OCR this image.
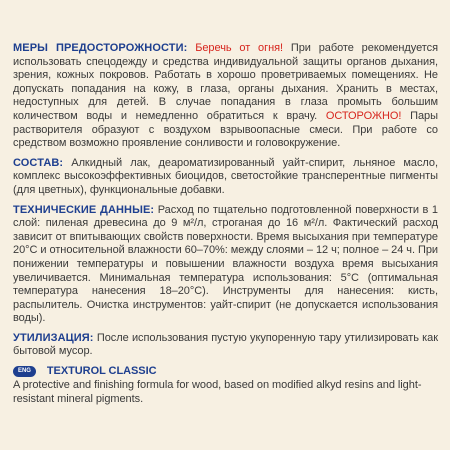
МЕРЫ ПРЕДОСТОРОЖНОСТИ: Беречь от огня! При работе рекомендуется использовать спецодежду и средства индивидуальной защиты органов дыхания, зрения, кожных покровов. Работать в хорошо проветриваемых помещениях. Не допускать попадания на кожу, в глаза, органы дыхания. Хранить в местах, недоступных для детей. В случае попадания в глаза промыть большим количеством воды и немедленно обратиться к врачу. ОСТОРОЖНО! Пары растворителя образуют с воздухом взрывоопасные смеси. При работе со средством возможно проявление сонливости и головокружение.

СОСТАВ: Алкидный лак, деароматизированный уайт-спирит, льняное масло, комплекс высокоэффективных биоцидов, светостойкие трансперентные пигменты (для цветных), функциональные добавки.

ТЕХНИЧЕСКИЕ ДАННЫЕ: Расход по тщательно подготовленной поверхности в 1 слой: пиленая древесина до 9 м²/л, строганая до 16 м²/л. Фактический расход зависит от впитывающих свойств поверхности. Время высыхания при температуре 20°C и относительной влажности 60–70%: между слоями – 12 ч; полное – 24 ч. При понижении температуры и повышении влажности воздуха время высыхания увеличивается. Минимальная температура использования: 5°C (оптимальная температура нанесения 18–20°C). Инструменты для нанесения: кисть, распылитель. Очистка инструментов: уайт-спирит (не допускается использования воды).

УТИЛИЗАЦИЯ: После использования пустую укупоренную тару утилизировать как бытовой мусор.

ENG TEXTUROL CLASSIC

A protective and finishing formula for wood, based on modified alkyd resins and light-resistant mineral pigments.
